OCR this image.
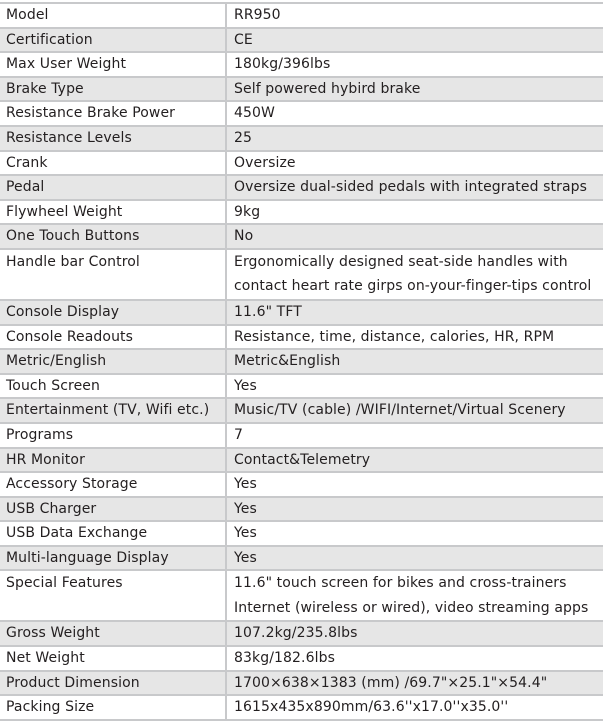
Model	RR950

Certification	CE

Max User Weight	180kg/396lbs

Brake Type	Self powered hybird brake

Resistance Brake Power	450W

Resistance Levels	25

Crank	Oversize

Pedal	Oversize dual-sided pedals with integrated straps

Flywheel Weight	9kg

One Touch Buttons	No

Handle bar Control	Ergonomically designed seat-side handles with
contact heart rate girps on-your-finger-tips control

Console Display	11.6" TFT

Console Readouts	Resistance, time, distance, calories, HR, RPM

Metric/English	Metric&English

Touch Screen	Yes

Entertainment (TV, Wifi etc.)	Music/TV (cable) /WIFI/Internet/Virtual Scenery

Programs	7

HR Monitor	Contact&Telemetry

Accessory Storage	Yes

USB Charger	Yes

USB Data Exchange	Yes

Multi-language Display	Yes

Special Features	11.6" touch screen for bikes and cross-trainers
Internet (wireless or wired), video streaming apps

Gross Weight	107.2kg/235.8lbs

Net Weight	83kg/182.6lbs

Product Dimension	1700×638×1383 (mm) /69.7"×25.1"×54.4"

Packing Size	1615x435x890mm/63.6''x17.0''x35.0''
